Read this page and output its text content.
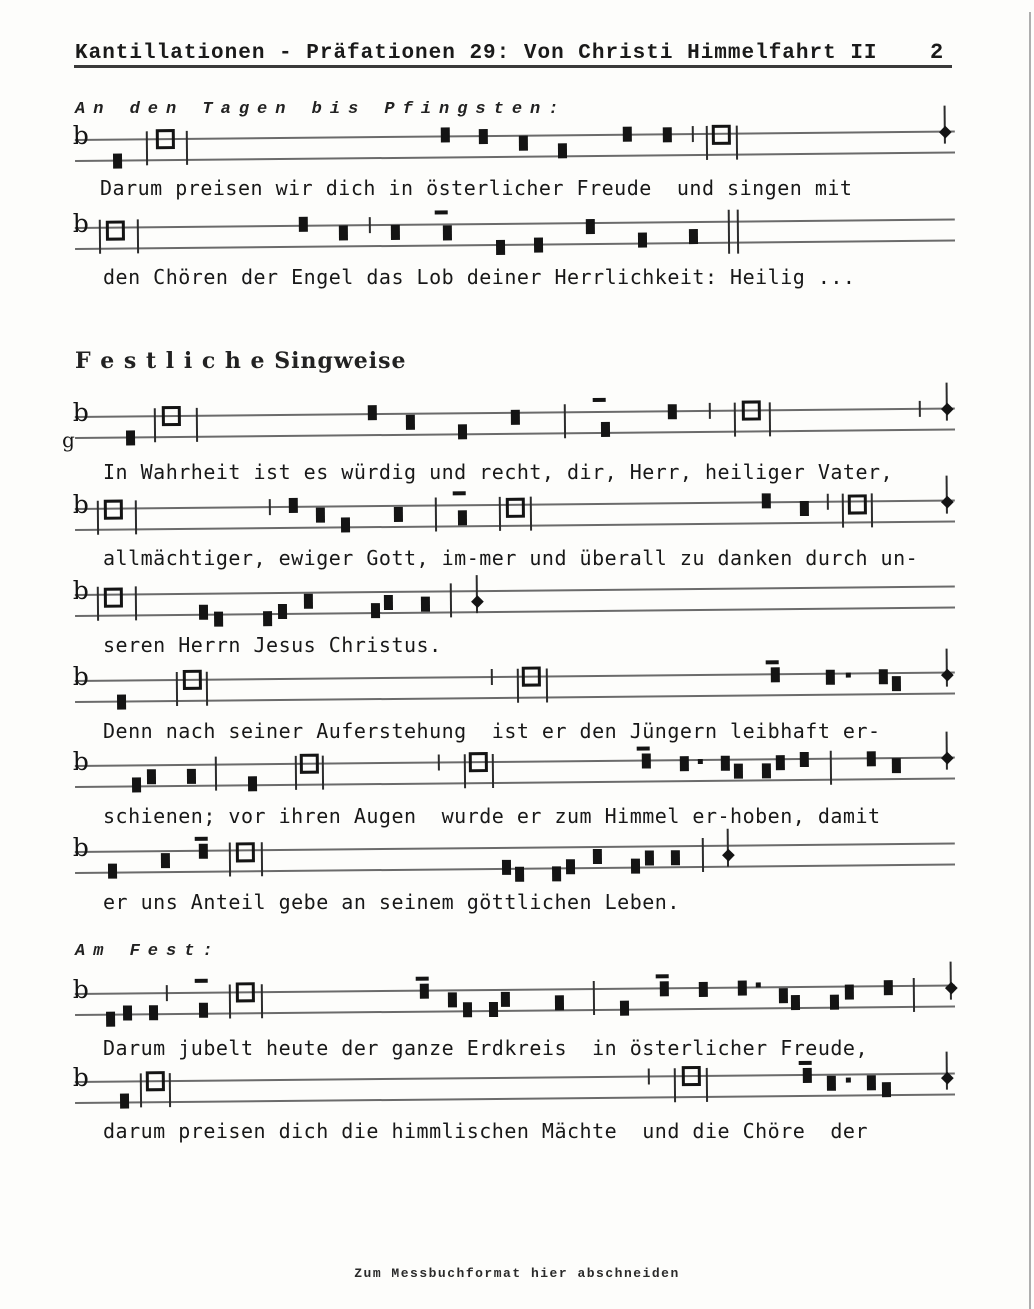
Kantillationen - Präfationen 29: Von Christi Himmelfahrt II 2
An den Tagen bis Pfingsten:
F e s t l i c h e Singweise
Am Fest:
b
b
b
g
b
b
b
b
b
b
b
Darum preisen wir dich in österlicher Freude  und singen mit
den Chören der Engel das Lob deiner Herrlichkeit: Heilig ...
In Wahrheit ist es würdig und recht, dir, Herr, heiliger Vater,
allmächtiger, ewiger Gott, im-mer und überall zu danken durch un-
seren Herrn Jesus Christus.
Denn nach seiner Auferstehung  ist er den Jüngern leibhaft er-
schienen; vor ihren Augen  wurde er zum Himmel er-hoben, damit
er uns Anteil gebe an seinem göttlichen Leben.
Darum jubelt heute der ganze Erdkreis  in österlicher Freude,
darum preisen dich die himmlischen Mächte  und die Chöre  der
Zum Messbuchformat hier abschneiden
